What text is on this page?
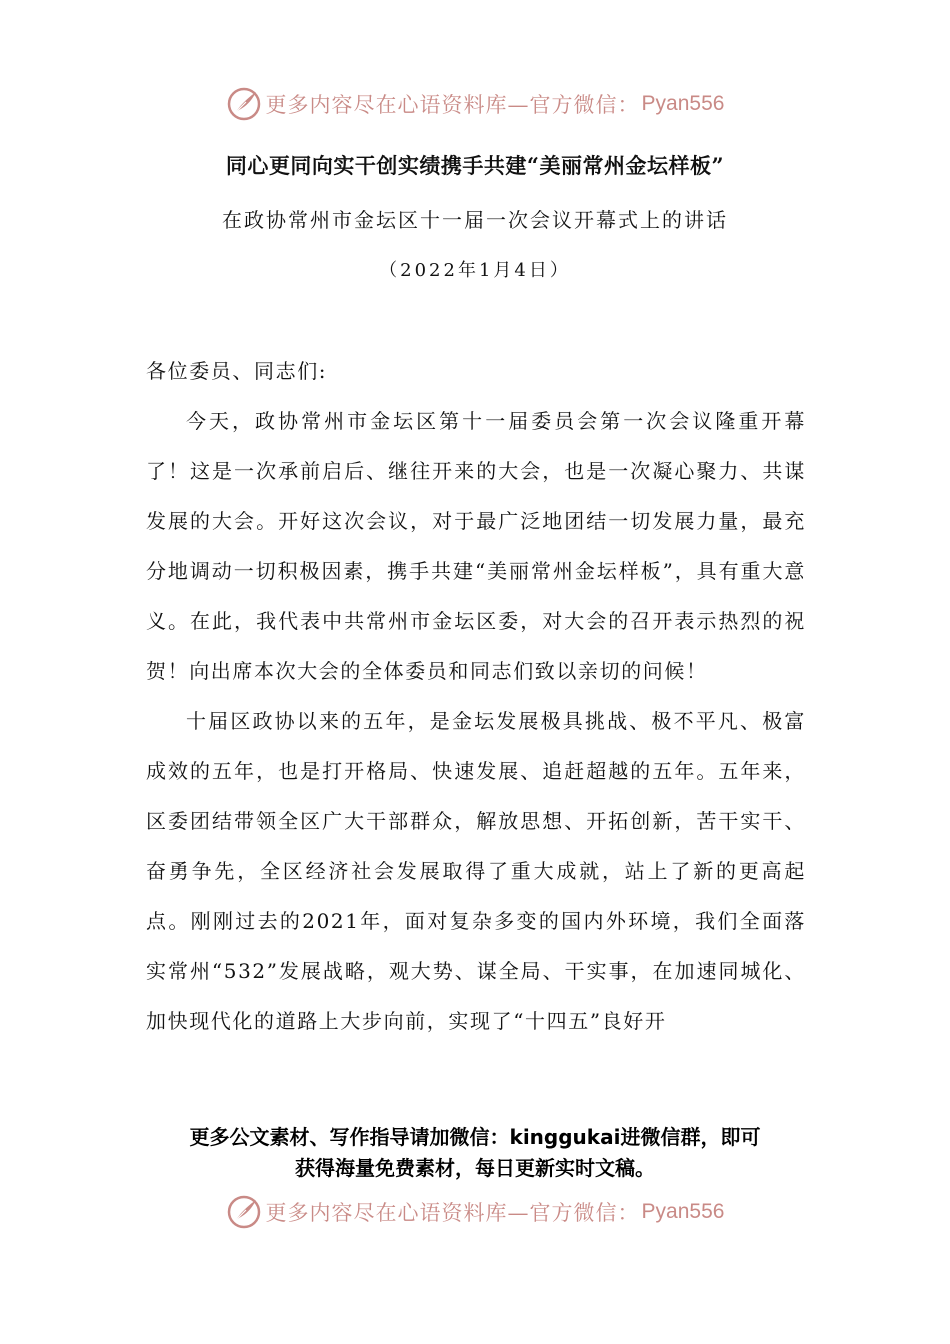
更多内容尽在心语资料库—官方微信： Pyan556
同心更同向实干创实绩携手共建“美丽常州金坛样板”
在政协常州市金坛区十一届一次会议开幕式上的讲话
（2022年1月4日）

各位委员、同志们:

今天，政协常州市金坛区第十一届委员会第一次会议隆重开幕了！这是一次承前启后、继往开来的大会，也是一次凝心聚力、共谋发展的大会。开好这次会议，对于最广泛地团结一切发展力量，最充分地调动一切积极因素，携手共建“美丽常州金坛样板”，具有重大意义。在此，我代表中共常州市金坛区委，对大会的召开表示热烈的祝贺！向出席本次大会的全体委员和同志们致以亲切的问候！

十届区政协以来的五年，是金坛发展极具挑战、极不平凡、极富成效的五年，也是打开格局、快速发展、追赶超越的五年。五年来，区委团结带领全区广大干部群众，解放思想、开拓创新，苦干实干、奋勇争先，全区经济社会发展取得了重大成就，站上了新的更高起点。刚刚过去的2021年，面对复杂多变的国内外环境，我们全面落实常州“532”发展战略，观大势、谋全局、干实事，在加速同城化、加快现代化的道路上大步向前，实现了“十四五”良好开

更多公文素材、写作指导请加微信：kinggukai进微信群，即可
获得海量免费素材，每日更新实时文稿。
更多内容尽在心语资料库—官方微信： Pyan556
